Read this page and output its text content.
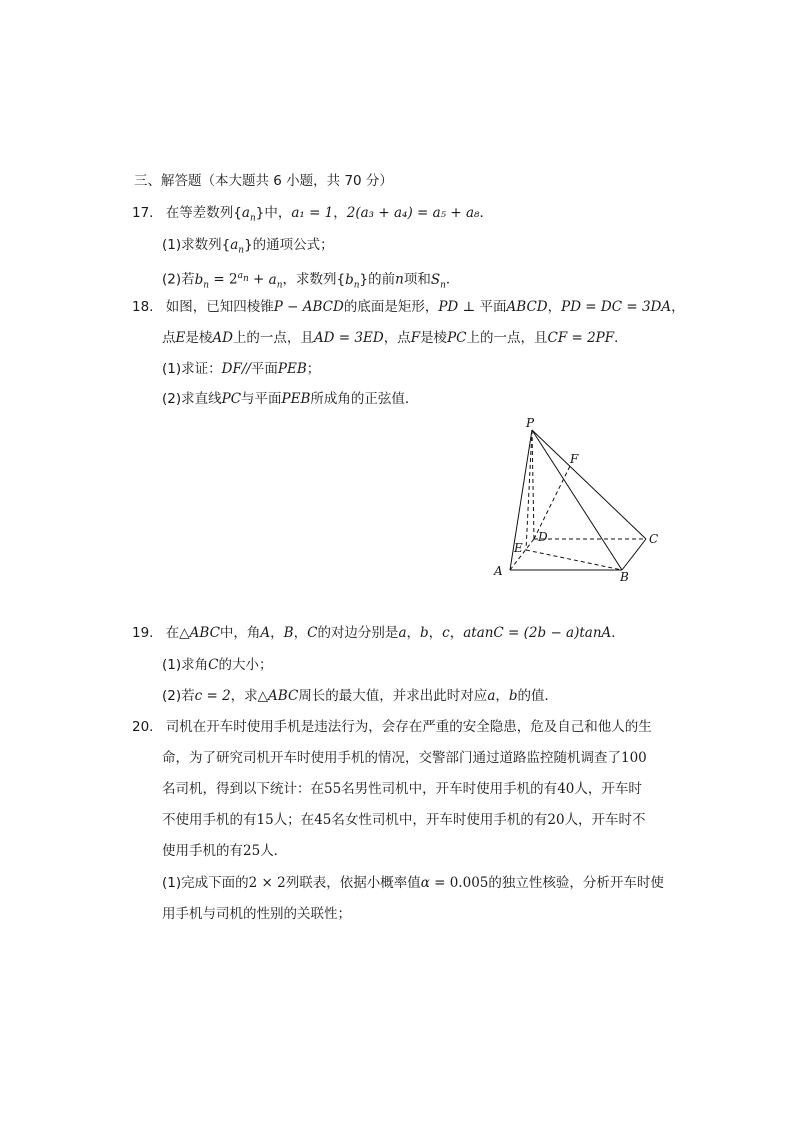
三、解答题（本大题共 6 小题，共 70 分）
17. 在等差数列$\{a_n\}$中，a₁ = 1，2(a₃ + a₄) = a₅ + a₈．
(1)求数列$\{a_n\}$的通项公式；
(2)若$b_n = 2^{a_n} + a_n$，求数列$\{b_n\}$的前n项和$S_n$．
18. 如图，已知四棱锥P − ABCD的底面是矩形，PD ⊥ 平面ABCD，PD = DC = 3DA，
点E是棱AD上的一点，且AD = 3ED，点F是棱PC上的一点，且CF = 2PF．
(1)求证：DF//平面PEB；
(2)求直线PC与平面PEB所成角的正弦值．
P
F
D	C
E
A	B
19. 在△ABC中，角A，B，C的对边分别是a，b，c，atanC = (2b − a)tanA．
(1)求角C的大小；
(2)若c = 2，求△ABC周长的最大值，并求出此时对应a，b的值．
20. 司机在开车时使用手机是违法行为，会存在严重的安全隐患，危及自己和他人的生
命，为了研究司机开车时使用手机的情况，交警部门通过道路监控随机调查了100
名司机，得到以下统计：在55名男性司机中，开车时使用手机的有40人，开车时
不使用手机的有15人；在45名女性司机中，开车时使用手机的有20人，开车时不
使用手机的有25人．
(1)完成下面的2 × 2列联表，依据小概率值α = 0.005的独立性核验，分析开车时使
用手机与司机的性别的关联性；
